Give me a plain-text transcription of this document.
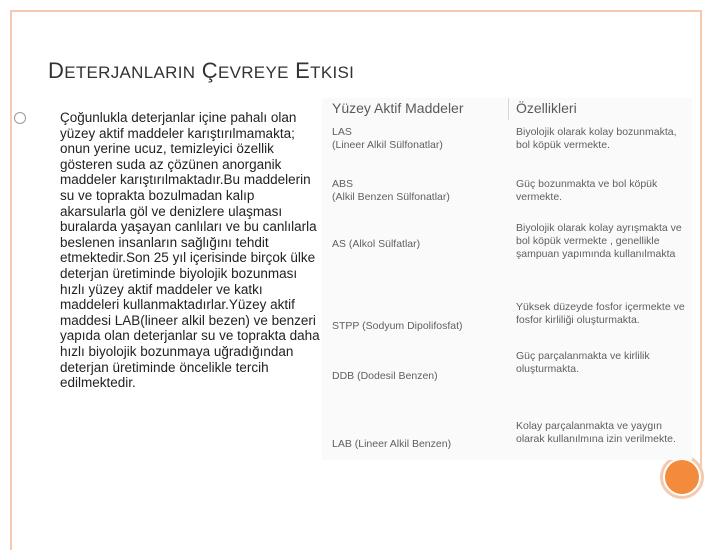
DETERJANLARIN ÇEVREYE ETKISI
Çoğunlukla deterjanlar içine pahalı olan yüzey aktif maddeler karıştırılmamakta; onun yerine ucuz, temizleyici özellik gösteren suda az çözünen anorganik maddeler karıştırılmaktadır.Bu maddelerin su ve toprakta bozulmadan kalıp akarsularla göl ve denizlere ulaşması buralarda yaşayan canlıları ve bu canlılarla beslenen insanların sağlığını tehdit etmektedir.Son 25 yıl içerisinde birçok ülke deterjan üretiminde biyolojik bozunması hızlı yüzey aktif maddeler ve katkı maddeleri kullanmaktadırlar.Yüzey aktif maddesi LAB(lineer alkil bezen) ve benzeri yapıda olan deterjanlar su ve toprakta daha hızlı biyolojik bozunmaya uğradığından deterjan üretiminde öncelikle tercih edilmektedir.
Yüzey Aktif Maddeler	Özellikleri
LAS
(Lineer Alkil Sülfonatlar)
Biyolojik olarak kolay bozunmakta, bol köpük vermekte.
ABS
(Alkil Benzen Sülfonatlar)
Güç bozunmakta ve bol köpük vermekte.
AS (Alkol Sülfatlar)
Biyolojik olarak kolay ayrışmakta ve bol köpük vermekte , genellikle şampuan yapımında kullanılmakta
STPP (Sodyum Dipolifosfat)
Yüksek düzeyde fosfor içermekte ve fosfor kirliliği oluşturmakta.
DDB (Dodesil Benzen)
Güç parçalanmakta ve kirlilik oluşturmakta.
LAB (Lineer Alkil Benzen)
Kolay parçalanmakta ve yaygın olarak kullanılmına izin verilmekte.
